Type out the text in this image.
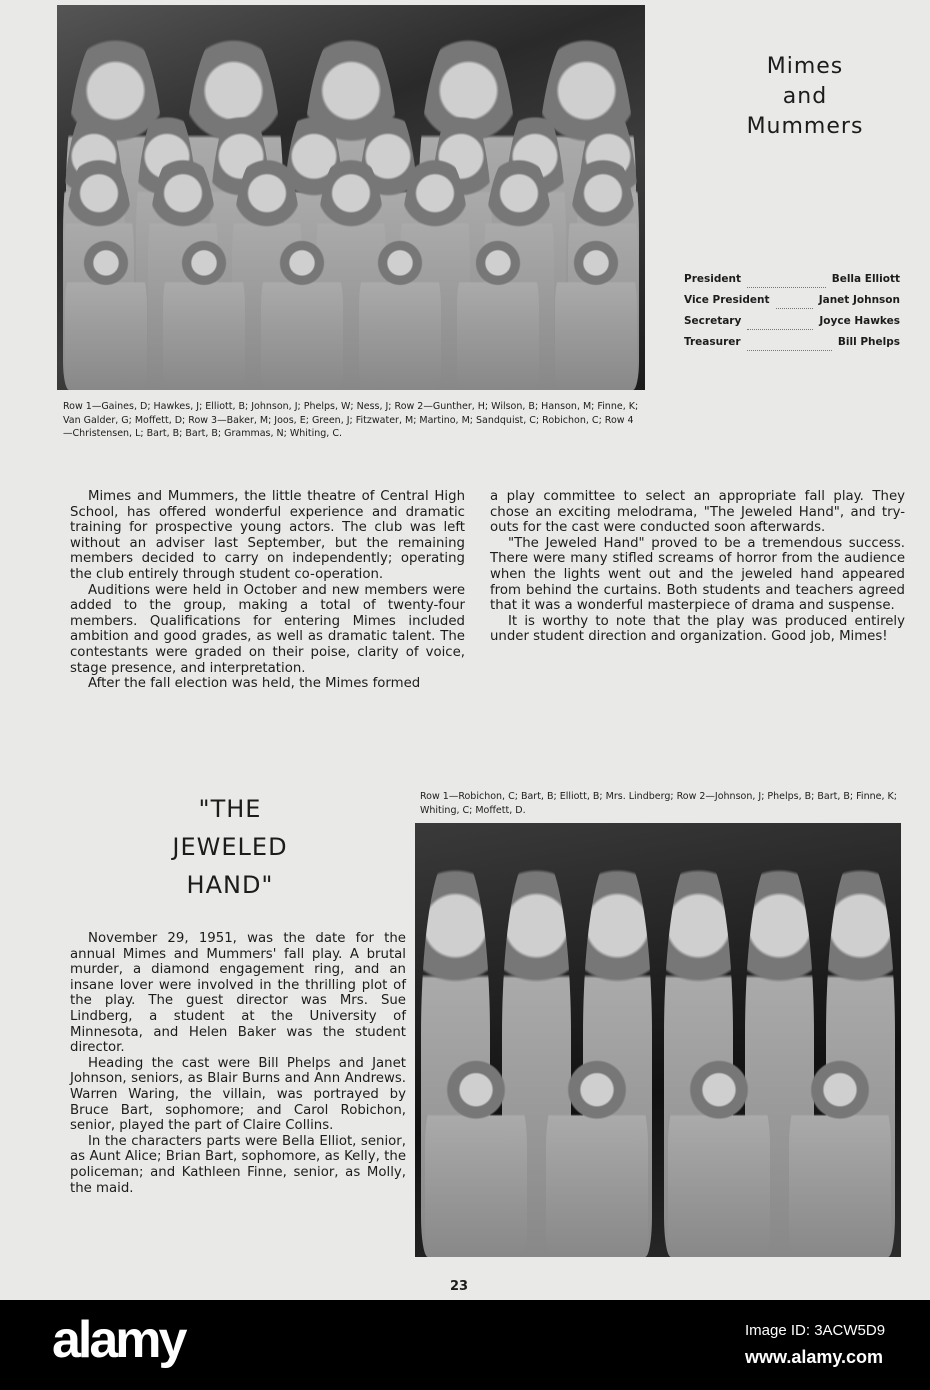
Mimes
and
Mummers
President	Bella Elliott
Vice President	Janet Johnson
Secretary	Joyce Hawkes
Treasurer	Bill Phelps
Row 1—Gaines, D; Hawkes, J; Elliott, B; Johnson, J; Phelps, W; Ness, J; Row 2—Gunther, H; Wilson, B; Hanson, M; Finne, K; Van Galder, G; Moffett, D; Row 3—Baker, M; Joos, E; Green, J; Fitzwater, M; Martino, M; Sandquist, C; Robichon, C; Row 4—Christensen, L; Bart, B; Bart, B; Grammas, N; Whiting, C.

Mimes and Mummers, the little theatre of Central High School, has offered wonderful experience and dramatic training for prospective young actors. The club was left without an adviser last September, but the remaining members decided to carry on independently; operating the club entirely through student co-operation.

Auditions were held in October and new members were added to the group, making a total of twenty-four members. Qualifications for entering Mimes included ambition and good grades, as well as dramatic talent. The contestants were graded on their poise, clarity of voice, stage presence, and interpretation.

After the fall election was held, the Mimes formed

a play committee to select an appropriate fall play. They chose an exciting melodrama, "The Jeweled Hand", and try-outs for the cast were conducted soon afterwards.

"The Jeweled Hand" proved to be a tremendous success. There were many stifled screams of horror from the audience when the lights went out and the jeweled hand appeared from behind the curtains. Both students and teachers agreed that it was a wonderful masterpiece of drama and suspense.

It is worthy to note that the play was produced entirely under student direction and organization. Good job, Mimes!

"THE
JEWELED
HAND"
Row 1—Robichon, C; Bart, B; Elliott, B; Mrs. Lindberg; Row 2—Johnson, J; Phelps, B; Bart, B; Finne, K; Whiting, C; Moffett, D.

November 29, 1951, was the date for the annual Mimes and Mummers' fall play. A brutal murder, a diamond engagement ring, and an insane lover were involved in the thrilling plot of the play. The guest director was Mrs. Sue Lindberg, a student at the University of Minnesota, and Helen Baker was the student director.

Heading the cast were Bill Phelps and Janet Johnson, seniors, as Blair Burns and Ann Andrews. Warren Waring, the villain, was portrayed by Bruce Bart, sophomore; and Carol Robichon, senior, played the part of Claire Collins.

In the characters parts were Bella Elliot, senior, as Aunt Alice; Brian Bart, sophomore, as Kelly, the policeman; and Kathleen Finne, senior, as Molly, the maid.

23
alamy	Image ID: 3ACW5D9
www.alamy.com
